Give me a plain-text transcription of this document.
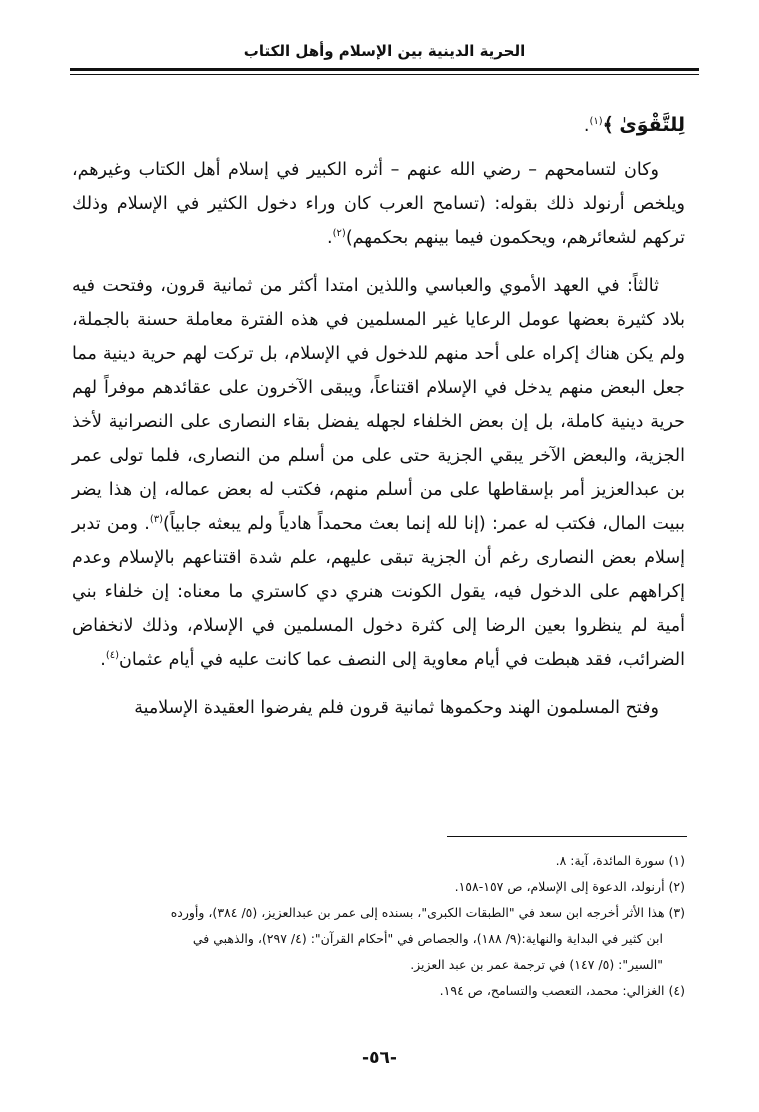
الحرية الدينية بين الإسلام وأهل الكتاب

لِلتَّقْوَىٰ ﴾$^{(١)}$.

وكان لتسامحهم – رضي الله عنهم – أثره الكبير في إسلام أهل الكتاب وغيرهم، ويلخص أرنولد ذلك بقوله: (تسامح العرب كان وراء دخول الكثير في الإسلام وذلك تركهم لشعائرهم، ويحكمون فيما بينهم بحكمهم)$^{(٢)}$.

ثالثاً: في العهد الأموي والعباسي واللذين امتدا أكثر من ثمانية قرون، وفتحت فيه بلاد كثيرة بعضها عومل الرعايا غير المسلمين في هذه الفترة معاملة حسنة بالجملة، ولم يكن هناك إكراه على أحد منهم للدخول في الإسلام، بل تركت لهم حرية دينية مما جعل البعض منهم يدخل في الإسلام اقتناعاً، ويبقى الآخرون على عقائدهم موفراً لهم حرية دينية كاملة، بل إن بعض الخلفاء لجهله يفضل بقاء النصارى على النصرانية لأخذ الجزية، والبعض الآخر يبقي الجزية حتى على من أسلم من النصارى، فلما تولى عمر بن عبدالعزيز أمر بإسقاطها على من أسلم منهم، فكتب له بعض عماله، إن هذا يضر ببيت المال، فكتب له عمر: (إنا لله إنما بعث محمداً هادياً ولم يبعثه جابياً)$^{(٣)}$. ومن تدبر إسلام بعض النصارى رغم أن الجزية تبقى عليهم، علم شدة اقتناعهم بالإسلام وعدم إكراههم على الدخول فيه، يقول الكونت هنري دي كاستري ما معناه: إن خلفاء بني أمية لم ينظروا بعين الرضا إلى كثرة دخول المسلمين في الإسلام، وذلك لانخفاض الضرائب، فقد هبطت في أيام معاوية إلى النصف عما كانت عليه في أيام عثمان$^{(٤)}$.

وفتح المسلمون الهند وحكموها ثمانية قرون فلم يفرضوا العقيدة الإسلامية

(١) سورة المائدة، آية: ٨.

(٢) أرنولد، الدعوة إلى الإسلام، ص ١٥٧-١٥٨.

(٣) هذا الأثر أخرجه ابن سعد في "الطبقات الكبرى"، بسنده إلى عمر بن عبدالعزيز، (٥/ ٣٨٤)، وأورده

ابن كثير في البداية والنهاية:(٩/ ١٨٨)، والجصاص في "أحكام القرآن": (٤/ ٢٩٧)، والذهبي في

"السير": (٥/ ١٤٧) في ترجمة عمر بن عبد العزيز.

(٤) الغزالي: محمد، التعصب والتسامح، ص ١٩٤.

-٥٦-
